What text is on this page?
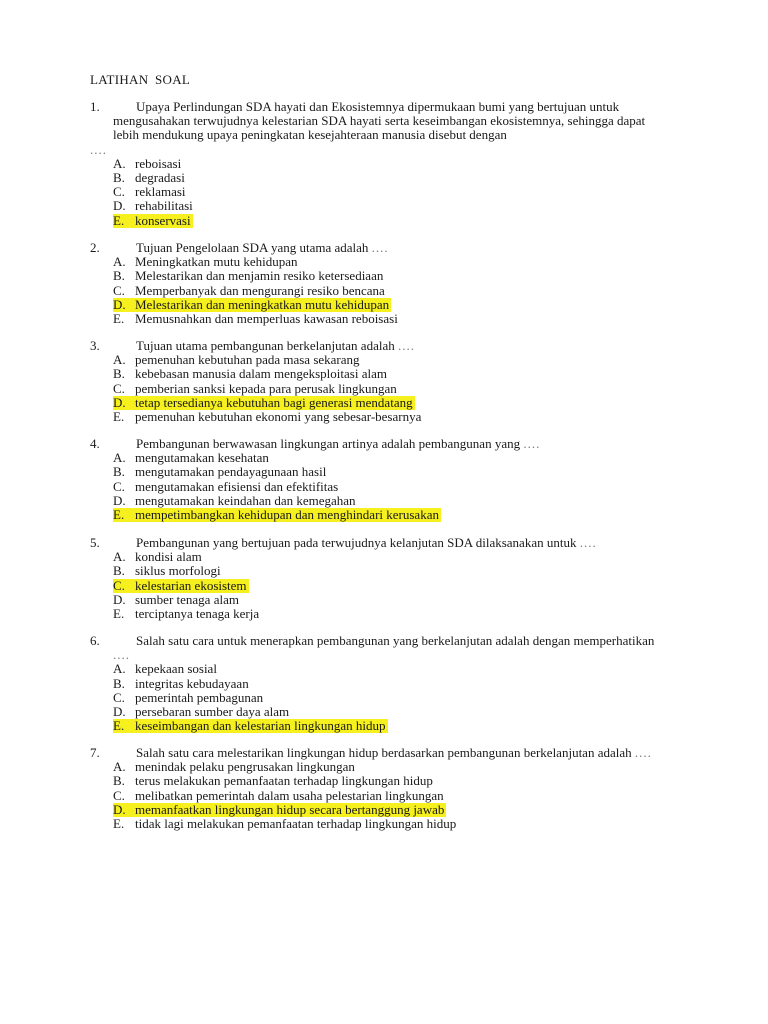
LATIHAN SOAL
1.	Upaya Perlindungan SDA hayati dan Ekosistemnya dipermukaan bumi yang bertujuan untuk mengusahakan terwujudnya kelestarian SDA hayati serta keseimbangan ekosistemnya, sehingga dapat lebih mendukung upaya peningkatan kesejahteraan manusia disebut dengan
....
A. reboisasi
B. degradasi
C. reklamasi
D. rehabilitasi
E. konservasi
2.	Tujuan Pengelolaan SDA yang utama adalah ....
A. Meningkatkan mutu kehidupan
B. Melestarikan dan menjamin resiko ketersediaan
C. Memperbanyak dan mengurangi resiko bencana
D. Melestarikan dan meningkatkan mutu kehidupan
E. Memusnahkan dan memperluas kawasan reboisasi
3.	Tujuan utama pembangunan berkelanjutan adalah ....
A. pemenuhan kebutuhan pada masa sekarang
B. kebebasan manusia dalam mengeksploitasi alam
C. pemberian sanksi kepada para perusak lingkungan
D. tetap tersedianya kebutuhan bagi generasi mendatang
E. pemenuhan kebutuhan ekonomi yang sebesar-besarnya
4.	Pembangunan berwawasan lingkungan artinya adalah pembangunan yang ....
A. mengutamakan kesehatan
B. mengutamakan pendayagunaan hasil
C. mengutamakan efisiensi dan efektifitas
D. mengutamakan keindahan dan kemegahan
E. mempetimbangkan kehidupan dan menghindari kerusakan
5.	Pembangunan yang bertujuan pada terwujudnya kelanjutan SDA dilaksanakan untuk ....
A. kondisi alam
B. siklus morfologi
C. kelestarian ekosistem
D. sumber tenaga alam
E. terciptanya tenaga kerja
6.	Salah satu cara untuk menerapkan pembangunan yang berkelanjutan adalah dengan memperhatikan ....
A. kepekaan sosial
B. integritas kebudayaan
C. pemerintah pembagunan
D. persebaran sumber daya alam
E. keseimbangan dan kelestarian lingkungan hidup
7.	Salah satu cara melestarikan lingkungan hidup berdasarkan pembangunan berkelanjutan adalah ....
A. menindak pelaku pengrusakan lingkungan
B. terus melakukan pemanfaatan terhadap lingkungan hidup
C. melibatkan pemerintah dalam usaha pelestarian lingkungan
D. memanfaatkan lingkungan hidup secara bertanggung jawab
E. tidak lagi melakukan pemanfaatan terhadap lingkungan hidup
